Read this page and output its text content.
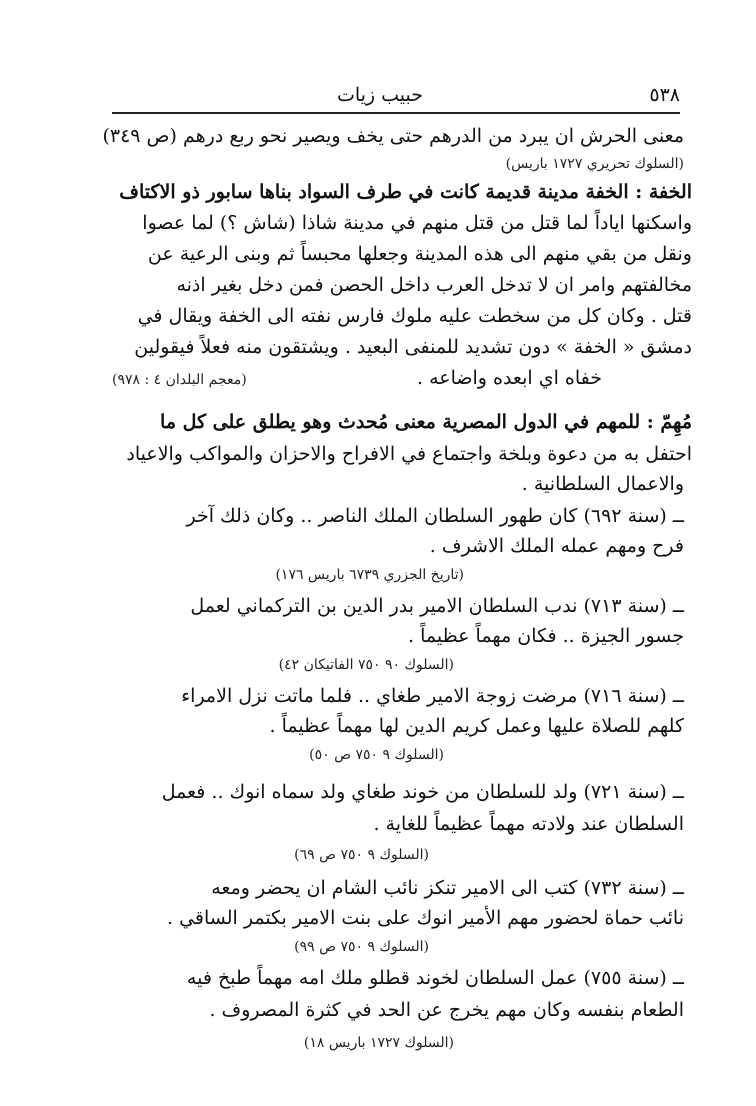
٥٣٨
حبيب زيات
معنى الحرش ان يبرد من الدرهم حتى يخف ويصير نحو ربع درهم (ص ٣٤٩)
(السلوك تحريري ١٧٢٧ باريس)
الخفة : الخفة مدينة قديمة كانت في طرف السواد بناها سابور ذو الاكتاف
واسكنها اياداً لما قتل من قتل منهم في مدينة شاذا (شاش ؟) لما عصوا
ونقل من بقي منهم الى هذه المدينة وجعلها محبساً ثم وبنى الرعية عن
مخالفتهم وامر ان لا تدخل العرب داخل الحصن فمن دخل بغير اذنه
قتل . وكان كل من سخطت عليه ملوك فارس نفته الى الخفة ويقال في
دمشق « الخفة » دون تشديد للمنفى البعيد . ويشتقون منه فعلاً فيقولين
خفاه اي ابعده واضاعه .
(معجم البلدان ٤ : ٩٧٨)
مُهِمّ : للمهم في الدول المصرية معنى مُحدث وهو يطلق على كل ما
احتفل به من دعوة وبلخة واجتماع في الافراح والاحزان والمواكب والاعياد
والاعمال السلطانية .
ــ (سنة ٦٩٢) كان طهور السلطان الملك الناصر .. وكان ذلك آخر
فرح ومهم عمله الملك الاشرف .
(تاريخ الجزري ٦٧٣٩ باريس ١٧٦)
ــ (سنة ٧١٣) ندب السلطان الامير بدر الدين بن التركماني لعمل
جسور الجيزة .. فكان مهماً عظيماً .
(السلوك ٩٠ ٧٥٠ الفاتيكان ٤٢)
ــ (سنة ٧١٦) مرضت زوجة الامير طغاي .. فلما ماتت نزل الامراء
كلهم للصلاة عليها وعمل كريم الدين لها مهماً عظيماً .
(السلوك ٩ ٧٥٠ ص ٥٠)
ــ (سنة ٧٢١) ولد للسلطان من خوند طغاي ولد سماه انوك .. فعمل
السلطان عند ولادته مهماً عظيماً للغاية .
(السلوك ٩ ٧٥٠ ص ٦٩)
ــ (سنة ٧٣٢) كتب الى الامير تنكز نائب الشام ان يحضر ومعه
نائب حماة لحضور مهم الأمير انوك على بنت الامير بكتمر الساقي .
(السلوك ٩ ٧٥٠ ص ٩٩)
ــ (سنة ٧٥٥) عمل السلطان لخوند قطلو ملك امه مهماً طبخ فيه
الطعام بنفسه وكان مهم يخرج عن الحد في كثرة المصروف .
(السلوك ١٧٢٧ باريس ١٨)
